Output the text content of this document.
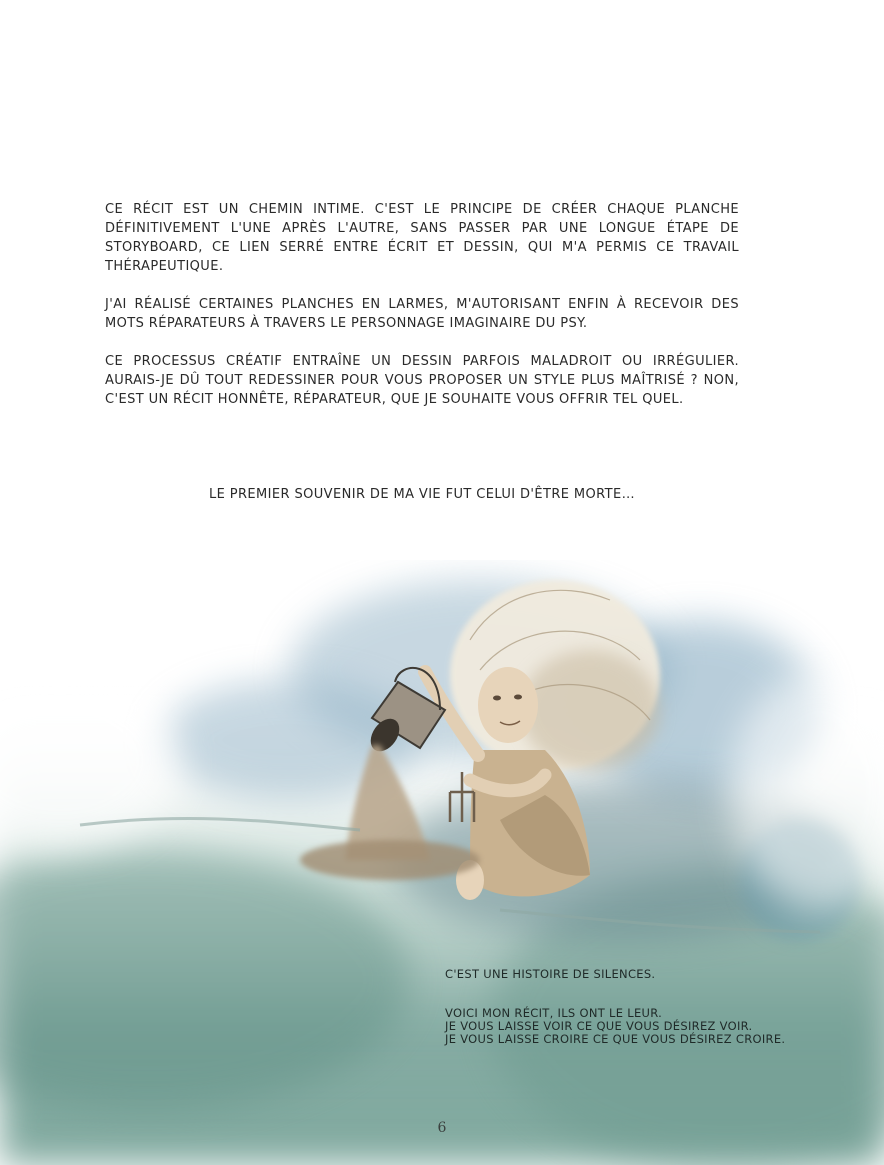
CE RÉCIT EST UN CHEMIN INTIME. C'EST LE PRINCIPE DE CRÉER CHAQUE PLANCHE DÉFINITIVEMENT L'UNE APRÈS L'AUTRE, SANS PASSER PAR UNE LONGUE ÉTAPE DE STORYBOARD, CE LIEN SERRÉ ENTRE ÉCRIT ET DESSIN, QUI M'A PERMIS CE TRAVAIL THÉRAPEUTIQUE.

J'AI RÉALISÉ CERTAINES PLANCHES EN LARMES, M'AUTORISANT ENFIN À RECEVOIR DES MOTS RÉPARATEURS À TRAVERS LE PERSONNAGE IMAGINAIRE DU PSY.

CE PROCESSUS CRÉATIF ENTRAÎNE UN DESSIN PARFOIS MALADROIT OU IRRÉGULIER. AURAIS-JE DÛ TOUT REDESSINER POUR VOUS PROPOSER UN STYLE PLUS MAÎTRISÉ ? NON, C'EST UN RÉCIT HONNÊTE, RÉPARATEUR, QUE JE SOUHAITE VOUS OFFRIR TEL QUEL.

LE PREMIER SOUVENIR DE MA VIE FUT CELUI D'ÊTRE MORTE…
C'EST UNE HISTOIRE DE SILENCES.
VOICI MON RÉCIT, ILS ONT LE LEUR.
JE VOUS LAISSE VOIR CE QUE VOUS DÉSIREZ VOIR.
JE VOUS LAISSE CROIRE CE QUE VOUS DÉSIREZ CROIRE.
6
